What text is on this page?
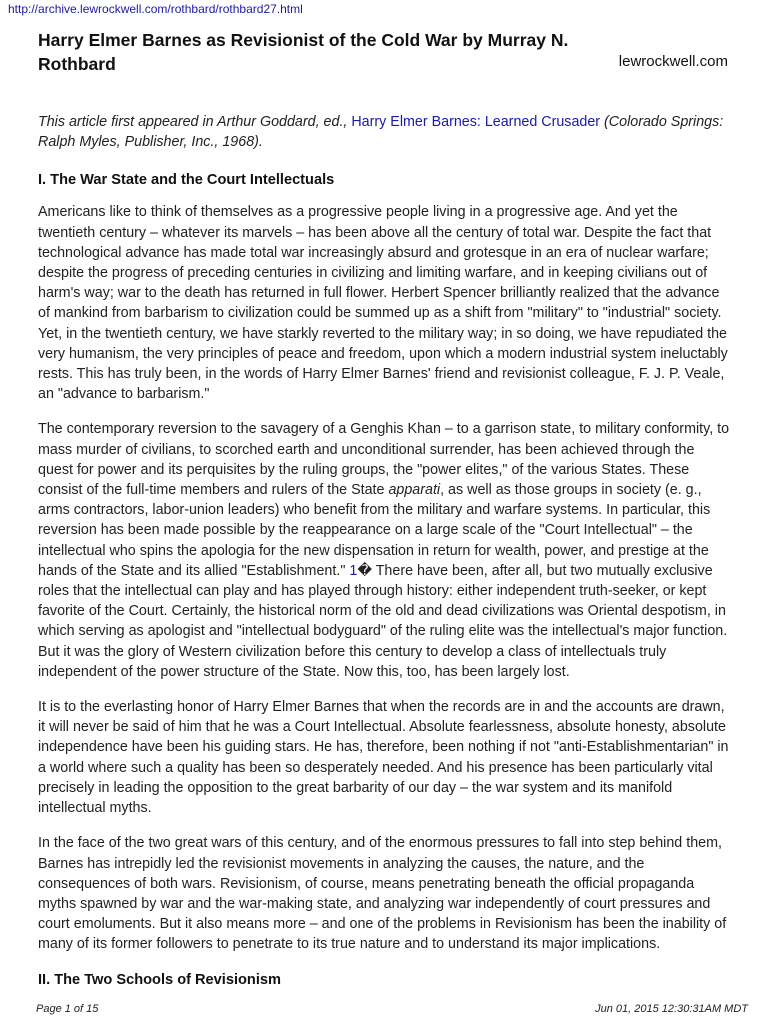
http://archive.lewrockwell.com/rothbard/rothbard27.html
Harry Elmer Barnes as Revisionist of the Cold War by Murray N. Rothbard	lewrockwell.com

This article first appeared in Arthur Goddard, ed., Harry Elmer Barnes: Learned Crusader (Colorado Springs: Ralph Myles, Publisher, Inc., 1968).

I. The War State and the Court Intellectuals

Americans like to think of themselves as a progressive people living in a progressive age. And yet the twentieth century – whatever its marvels – has been above all the century of total war. Despite the fact that technological advance has made total war increasingly absurd and grotesque in an era of nuclear warfare; despite the progress of preceding centuries in civilizing and limiting warfare, and in keeping civilians out of harm's way; war to the death has returned in full flower. Herbert Spencer brilliantly realized that the advance of mankind from barbarism to civilization could be summed up as a shift from "military" to "industrial" society. Yet, in the twentieth century, we have starkly reverted to the military way; in so doing, we have repudiated the very humanism, the very principles of peace and freedom, upon which a modern industrial system ineluctably rests. This has truly been, in the words of Harry Elmer Barnes' friend and revisionist colleague, F. J. P. Veale, an "advance to barbarism."

The contemporary reversion to the savagery of a Genghis Khan – to a garrison state, to military conformity, to mass murder of civilians, to scorched earth and unconditional surrender, has been achieved through the quest for power and its perquisites by the ruling groups, the "power elites," of the various States. These consist of the full-time members and rulers of the State apparati, as well as those groups in society (e. g., arms contractors, labor-union leaders) who benefit from the military and warfare systems. In particular, this reversion has been made possible by the reappearance on a large scale of the "Court Intellectual" – the intellectual who spins the apologia for the new dispensation in return for wealth, power, and prestige at the hands of the State and its allied "Establishment." 1� There have been, after all, but two mutually exclusive roles that the intellectual can play and has played through history: either independent truth-seeker, or kept favorite of the Court. Certainly, the historical norm of the old and dead civilizations was Oriental despotism, in which serving as apologist and "intellectual bodyguard" of the ruling elite was the intellectual's major function. But it was the glory of Western civilization before this century to develop a class of intellectuals truly independent of the power structure of the State. Now this, too, has been largely lost.

It is to the everlasting honor of Harry Elmer Barnes that when the records are in and the accounts are drawn, it will never be said of him that he was a Court Intellectual. Absolute fearlessness, absolute honesty, absolute independence have been his guiding stars. He has, therefore, been nothing if not "anti-Establishmentarian" in a world where such a quality has been so desperately needed. And his presence has been particularly vital precisely in leading the opposition to the great barbarity of our day – the war system and its manifold intellectual myths.

In the face of the two great wars of this century, and of the enormous pressures to fall into step behind them, Barnes has intrepidly led the revisionist movements in analyzing the causes, the nature, and the consequences of both wars. Revisionism, of course, means penetrating beneath the official propaganda myths spawned by war and the war-making state, and analyzing war independently of court pressures and court emoluments. But it also means more – and one of the problems in Revisionism has been the inability of many of its former followers to penetrate to its true nature and to understand its major implications.

II. The Two Schools of Revisionism
Page 1 of 15	Jun 01, 2015 12:30:31AM MDT
